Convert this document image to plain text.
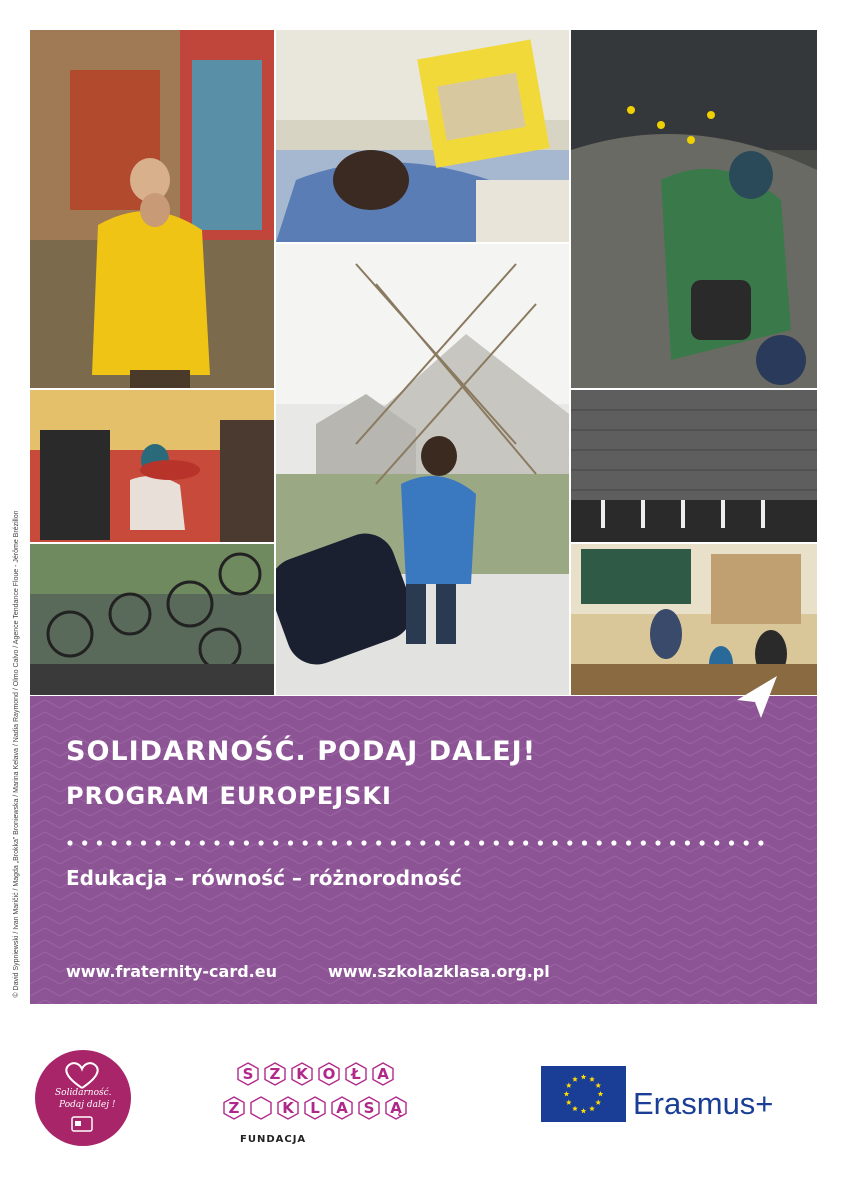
© David Sypniewski / Ivan Maričić / Magda „Brokka” Broniewska / Marina Kelava / Nadia Raymond / Olmo Calvo / Agence Tendance Floue - Jérôme Brézillon SOLIDARNOŚĆ. PODAJ DALEJ!
PROGRAM EUROPEJSKI
Edukacja – równość – różnorodność
www.fraternity-card.eu	www.szkolazklasa.org.pl
Solidarność.
Podaj dalej !
S	Z	K O	Ł	A
Z	K	L	A	S	Ą
FUNDACJA
Erasmus+
